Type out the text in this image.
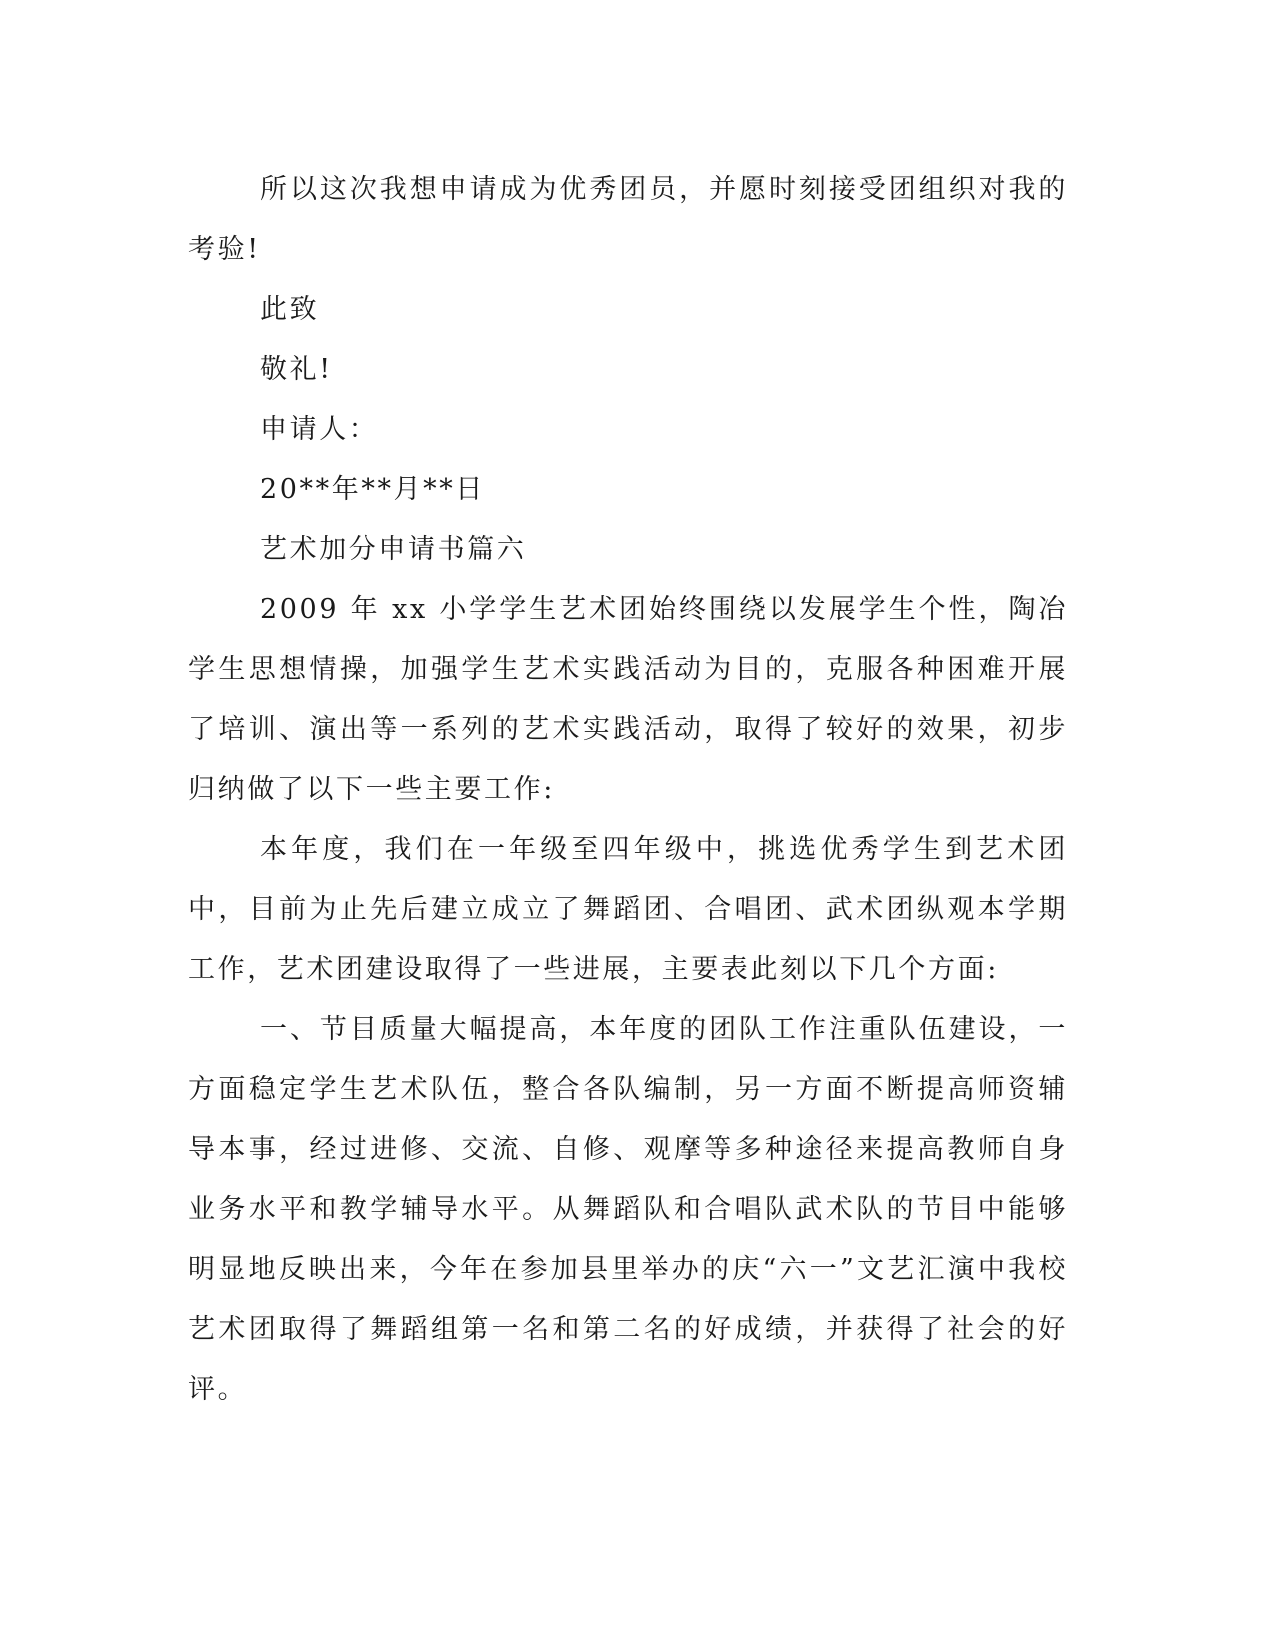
所以这次我想申请成为优秀团员，并愿时刻接受团组织对我的考验!

此致

敬礼!

申请人：

20**年**月**日

艺术加分申请书篇六

2009 年 xx 小学学生艺术团始终围绕以发展学生个性，陶冶学生思想情操，加强学生艺术实践活动为目的，克服各种困难开展了培训、演出等一系列的艺术实践活动，取得了较好的效果，初步归纳做了以下一些主要工作:

本年度，我们在一年级至四年级中，挑选优秀学生到艺术团中，目前为止先后建立成立了舞蹈团、合唱团、武术团纵观本学期工作，艺术团建设取得了一些进展，主要表此刻以下几个方面:

一、节目质量大幅提高，本年度的团队工作注重队伍建设，一方面稳定学生艺术队伍，整合各队编制，另一方面不断提高师资辅导本事，经过进修、交流、自修、观摩等多种途径来提高教师自身业务水平和教学辅导水平。从舞蹈队和合唱队武术队的节目中能够明显地反映出来，今年在参加县里举办的庆“六一”文艺汇演中我校艺术团取得了舞蹈组第一名和第二名的好成绩，并获得了社会的好评。
